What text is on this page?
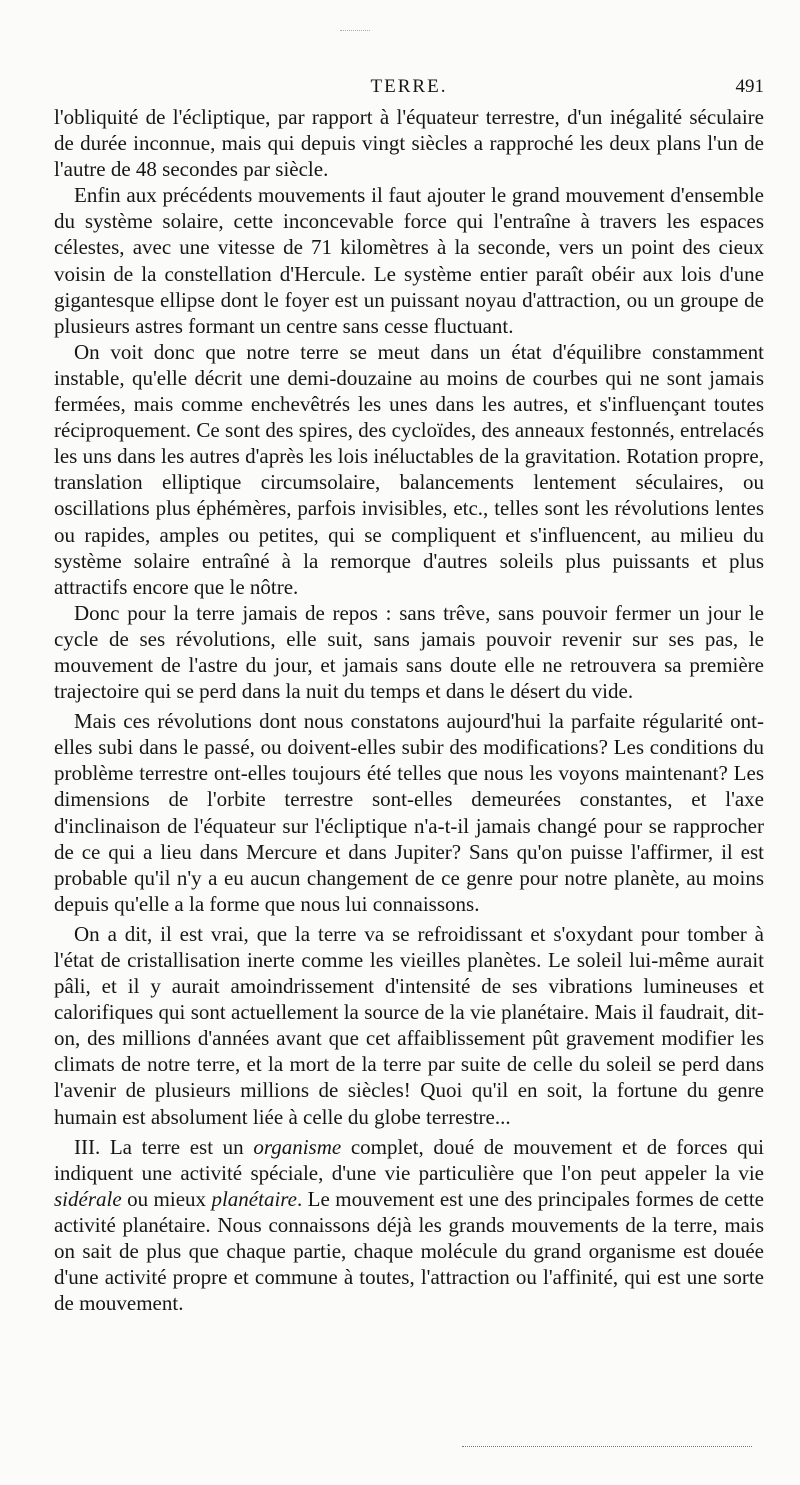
TERRE.	491

l'obliquité de l'écliptique, par rapport à l'équateur terrestre, d'un inégalité séculaire de durée inconnue, mais qui depuis vingt siècles a rapproché les deux plans l'un de l'autre de 48 secondes par siècle.

Enfin aux précédents mouvements il faut ajouter le grand mouvement d'ensemble du système solaire, cette inconcevable force qui l'entraîne à travers les espaces célestes, avec une vitesse de 71 kilomètres à la seconde, vers un point des cieux voisin de la constellation d'Hercule. Le système entier paraît obéir aux lois d'une gigantesque ellipse dont le foyer est un puissant noyau d'attraction, ou un groupe de plusieurs astres formant un centre sans cesse fluctuant.

On voit donc que notre terre se meut dans un état d'équilibre constamment instable, qu'elle décrit une demi-douzaine au moins de courbes qui ne sont jamais fermées, mais comme enchevêtrés les unes dans les autres, et s'influençant toutes réciproquement. Ce sont des spires, des cycloïdes, des anneaux festonnés, entrelacés les uns dans les autres d'après les lois inéluctables de la gravitation. Rotation propre, translation elliptique circumsolaire, balancements lentement séculaires, ou oscillations plus éphémères, parfois invisibles, etc., telles sont les révolutions lentes ou rapides, amples ou petites, qui se compliquent et s'influencent, au milieu du système solaire entraîné à la remorque d'autres soleils plus puissants et plus attractifs encore que le nôtre.

Donc pour la terre jamais de repos : sans trêve, sans pouvoir fermer un jour le cycle de ses révolutions, elle suit, sans jamais pouvoir revenir sur ses pas, le mouvement de l'astre du jour, et jamais sans doute elle ne retrouvera sa première trajectoire qui se perd dans la nuit du temps et dans le désert du vide.

Mais ces révolutions dont nous constatons aujourd'hui la parfaite régularité ont-elles subi dans le passé, ou doivent-elles subir des modifications? Les conditions du problème terrestre ont-elles toujours été telles que nous les voyons maintenant? Les dimensions de l'orbite terrestre sont-elles demeurées constantes, et l'axe d'inclinaison de l'équateur sur l'écliptique n'a-t-il jamais changé pour se rapprocher de ce qui a lieu dans Mercure et dans Jupiter? Sans qu'on puisse l'affirmer, il est probable qu'il n'y a eu aucun changement de ce genre pour notre planète, au moins depuis qu'elle a la forme que nous lui connaissons.

On a dit, il est vrai, que la terre va se refroidissant et s'oxydant pour tomber à l'état de cristallisation inerte comme les vieilles planètes. Le soleil lui-même aurait pâli, et il y aurait amoindrissement d'intensité de ses vibrations lumineuses et calorifiques qui sont actuellement la source de la vie planétaire. Mais il faudrait, dit-on, des millions d'années avant que cet affaiblissement pût gravement modifier les climats de notre terre, et la mort de la terre par suite de celle du soleil se perd dans l'avenir de plusieurs millions de siècles! Quoi qu'il en soit, la fortune du genre humain est absolument liée à celle du globe terrestre...

III. La terre est un organisme complet, doué de mouvement et de forces qui indiquent une activité spéciale, d'une vie particulière que l'on peut appeler la vie sidérale ou mieux planétaire. Le mouvement est une des principales formes de cette activité planétaire. Nous connaissons déjà les grands mouvements de la terre, mais on sait de plus que chaque partie, chaque molécule du grand organisme est douée d'une activité propre et commune à toutes, l'attraction ou l'affinité, qui est une sorte de mouvement.
